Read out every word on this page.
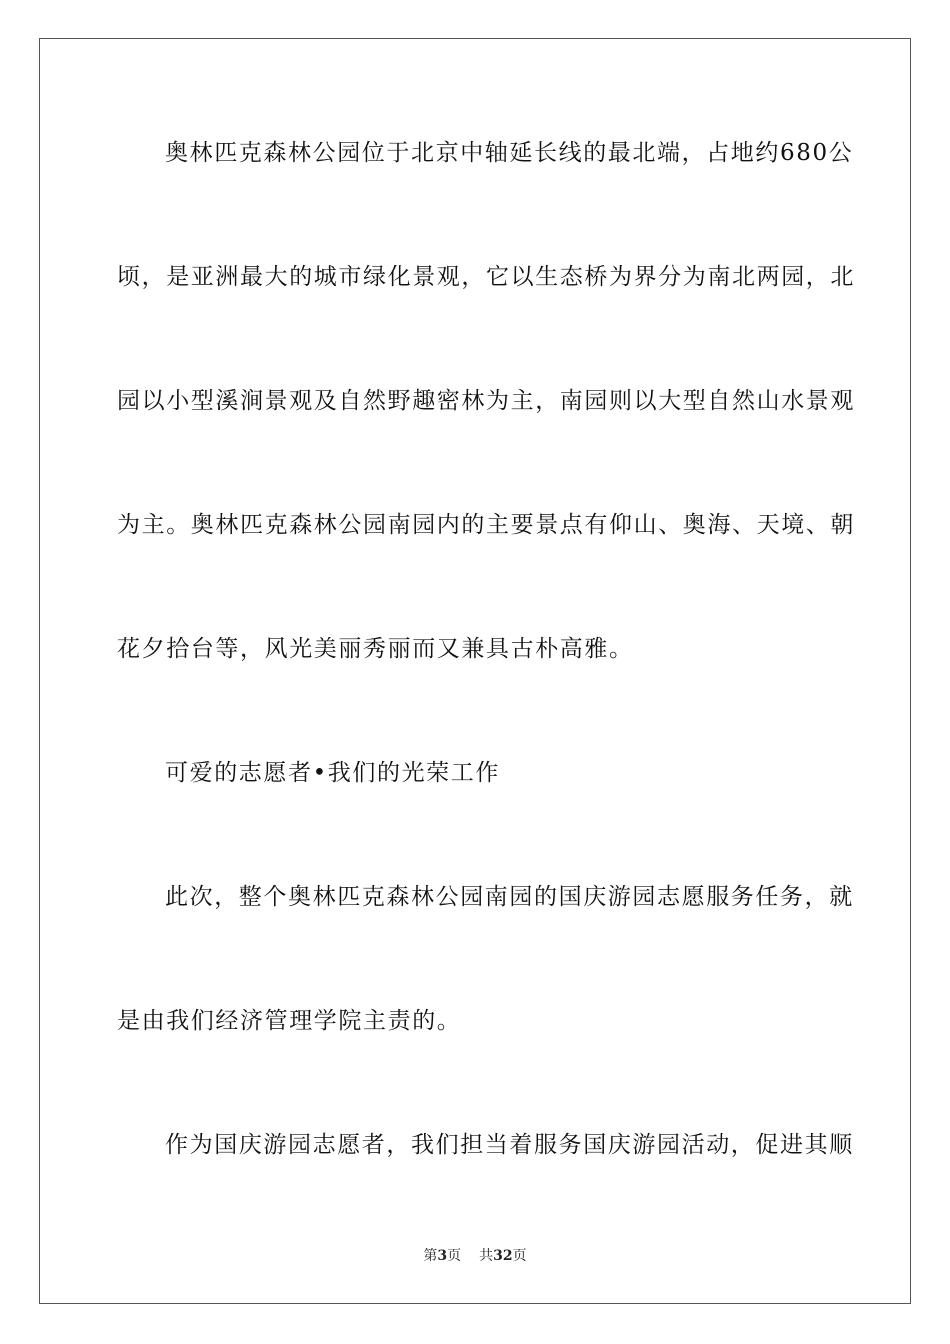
奥林匹克森林公园位于北京中轴延长线的最北端，占地约680公
顷，是亚洲最大的城市绿化景观，它以生态桥为界分为南北两园，北
园以小型溪涧景观及自然野趣密林为主，南园则以大型自然山水景观
为主。奥林匹克森林公园南园内的主要景点有仰山、奥海、天境、朝
花夕拾台等，风光美丽秀丽而又兼具古朴高雅。
可爱的志愿者•我们的光荣工作
此次，整个奥林匹克森林公园南园的国庆游园志愿服务任务，就
是由我们经济管理学院主责的。
作为国庆游园志愿者，我们担当着服务国庆游园活动，促进其顺
第3页 共32页
